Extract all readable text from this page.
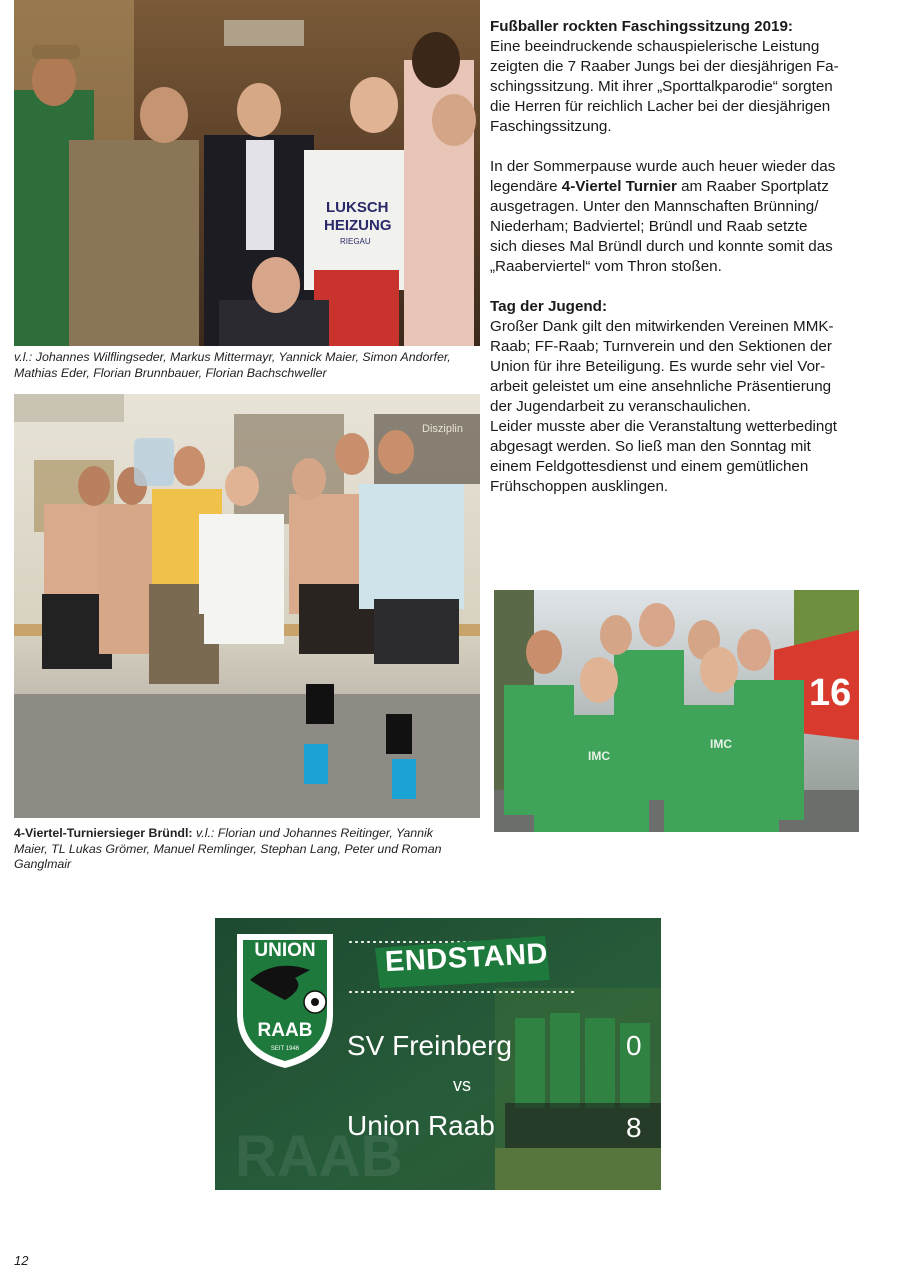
LUKSCH
HEIZUNG
RIEGAU
v.l.: Johannes Wilflingseder, Markus Mittermayr, Yannick Maier, Simon Andorfer,
Mathias Eder, Florian Brunnbauer, Florian Bachschweller
Disziplin
4-Viertel-Turniersieger Bründl: v.l.: Florian und Johannes Reitinger, Yannik
Maier, TL Lukas Grömer, Manuel Remlinger, Stephan Lang, Peter und Roman
Ganglmair
16
IMC
IMC

Fußballer rockten Faschingssitzung 2019:

Eine beeindruckende schauspielerische Leistung

zeigten die 7 Raaber Jungs bei der diesjährigen Fa-

schingssitzung. Mit ihrer „Sporttalkparodie“ sorgten

die Herren für reichlich Lacher bei der diesjährigen

Faschingssitzung.

In der Sommerpause wurde auch heuer wieder das

legendäre 4-Viertel Turnier am Raaber Sportplatz

ausgetragen. Unter den Mannschaften Brünning/

Niederham; Badviertel; Bründl und Raab setzte

sich dieses Mal Bründl durch und konnte somit das

„Raaberviertel“ vom Thron stoßen.

Tag der Jugend:

Großer Dank gilt den mitwirkenden Vereinen MMK-

Raab; FF-Raab; Turnverein und den Sektionen der

Union für ihre Beteiligung. Es wurde sehr viel Vor-

arbeit geleistet um eine ansehnliche Präsentierung

der Jugendarbeit zu veranschaulichen.

Leider musste aber die Veranstaltung wetterbedingt

abgesagt werden. So ließ man den Sonntag mit

einem Feldgottesdienst und einem gemütlichen

Frühschoppen ausklingen.

RAAB
UNION
RAAB
SEIT 1946
ENDSTAND
SV Freinberg	0
vs
Union Raab	8
12
